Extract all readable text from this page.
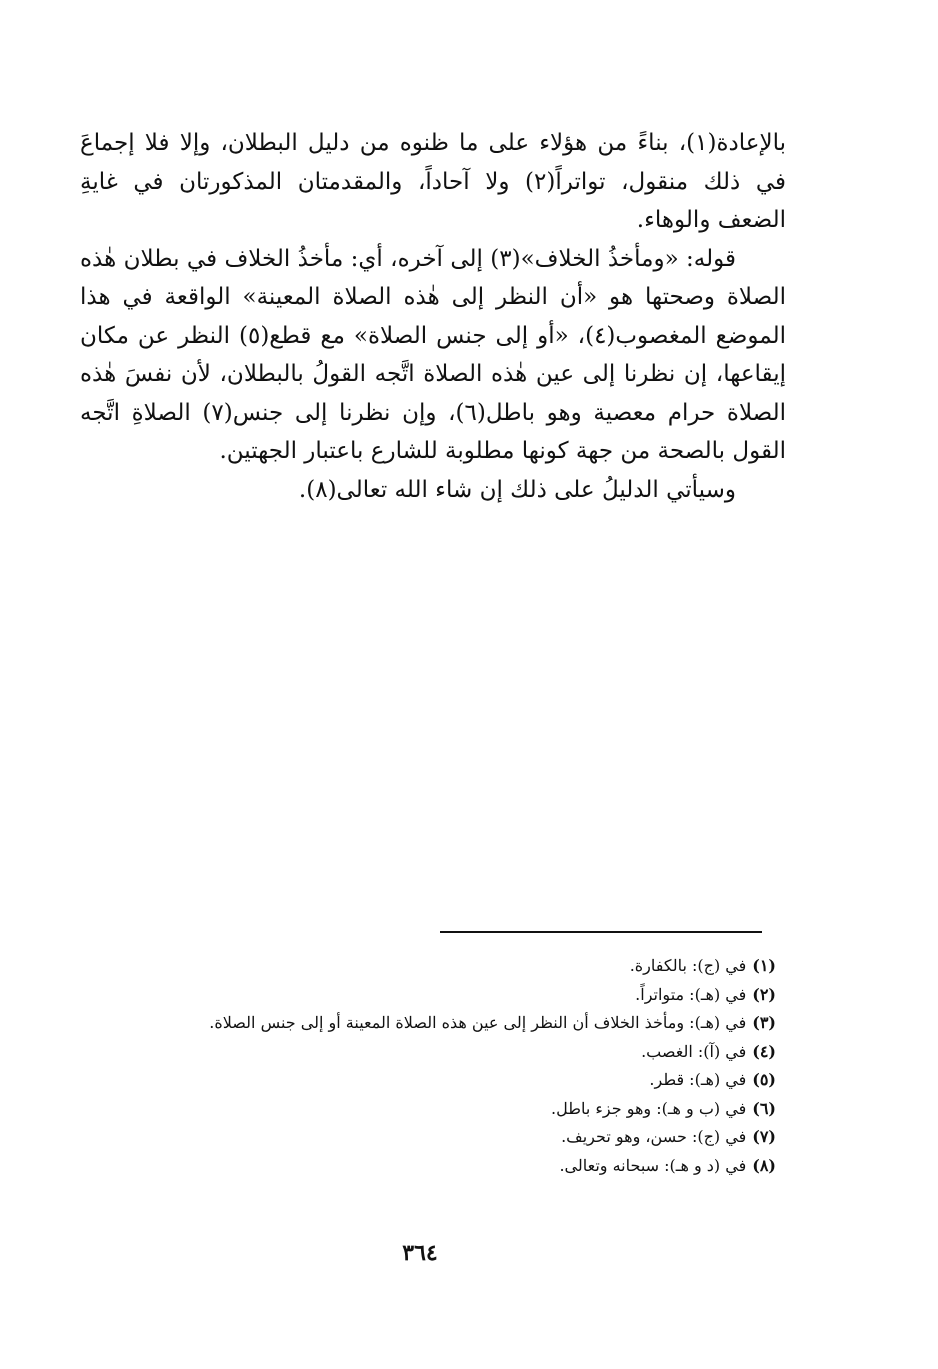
بالإعادة(١)، بناءً من هؤلاء على ما ظنوه من دليل البطلان، وإلا فلا إجماعَ في ذلك منقول، تواتراً(٢) ولا آحاداً، والمقدمتان المذكورتان في غايةِ الضعف والوهاء.

قوله: «ومأخذُ الخلاف»(٣) إلى آخره، أي: مأخذُ الخلاف في بطلان هٰذه الصلاة وصحتها هو «أن النظر إلى هٰذه الصلاة المعينة» الواقعة في هذا الموضع المغصوب(٤)، «أو إلى جنس الصلاة» مع قطع(٥) النظر عن مكان إيقاعها، إن نظرنا إلى عين هٰذه الصلاة اتَّجه القولُ بالبطلان، لأن نفسَ هٰذه الصلاة حرام معصية وهو باطل(٦)، وإن نظرنا إلى جنس(٧) الصلاةِ اتَّجه القول بالصحة من جهة كونها مطلوبة للشارع باعتبار الجهتين.

وسيأتي الدليلُ على ذلك إن شاء الله تعالى(٨).

(١)في (ج): بالكفارة.
(٢)في (هـ): متواتراً.
(٣)في (هـ): ومأخذ الخلاف أن النظر إلى عين هذه الصلاة المعينة أو إلى جنس الصلاة.
(٤)في (آ): الغصب.
(٥)في (هـ): قطر.
(٦)في (ب و هـ): وهو جزء باطل.
(٧)في (ج): حسن، وهو تحريف.
(٨)في (د و هـ): سبحانه وتعالى.
٣٦٤
